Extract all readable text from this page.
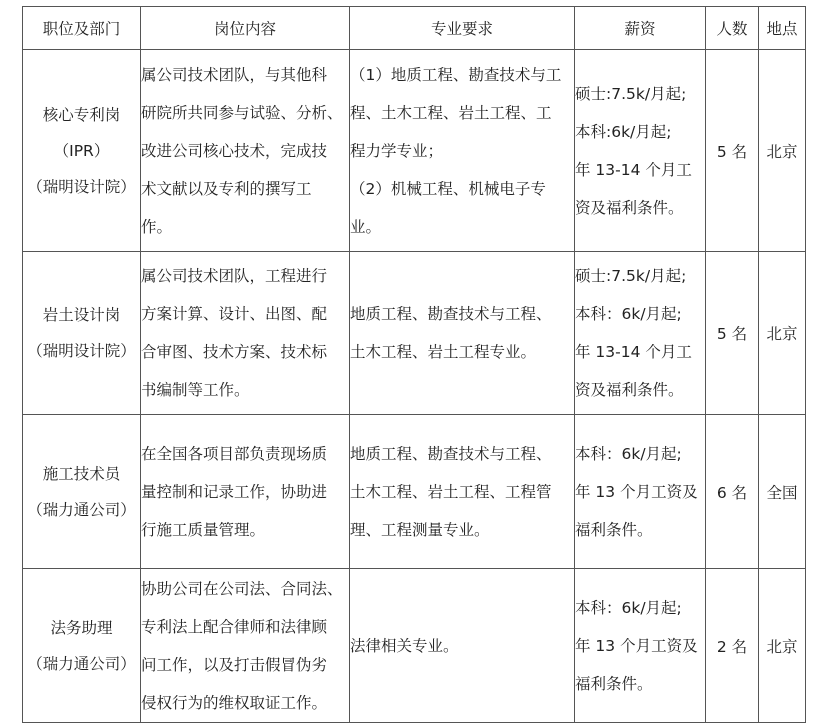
职位及部门	岗位内容	专业要求	薪资	人数	地点

核心专利岗
（IPR）
（瑞明设计院）	属公司技术团队，与其他科
研院所共同参与试验、分析、
改进公司核心技术，完成技
术文献以及专利的撰写工
作。	（1）地质工程、勘查技术与工
程、土木工程、岩土工程、工
程力学专业；
（2）机械工程、机械电子专
业。	硕士:7.5k/月起;
本科:6k/月起;
年 13-14 个月工
资及福利条件。	5 名	北京

岩土设计岗
（瑞明设计院）	属公司技术团队，工程进行
方案计算、设计、出图、配
合审图、技术方案、技术标
书编制等工作。	地质工程、勘查技术与工程、
土木工程、岩土工程专业。	硕士:7.5k/月起;
本科：6k/月起;
年 13-14 个月工
资及福利条件。	5 名	北京

施工技术员
（瑞力通公司）	在全国各项目部负责现场质
量控制和记录工作，协助进
行施工质量管理。	地质工程、勘查技术与工程、
土木工程、岩土工程、工程管
理、工程测量专业。	本科：6k/月起;
年 13 个月工资及
福利条件。	6 名	全国

法务助理
（瑞力通公司）	协助公司在公司法、合同法、
专利法上配合律师和法律顾
问工作，以及打击假冒伪劣
侵权行为的维权取证工作。	法律相关专业。	本科：6k/月起;
年 13 个月工资及
福利条件。	2 名	北京
